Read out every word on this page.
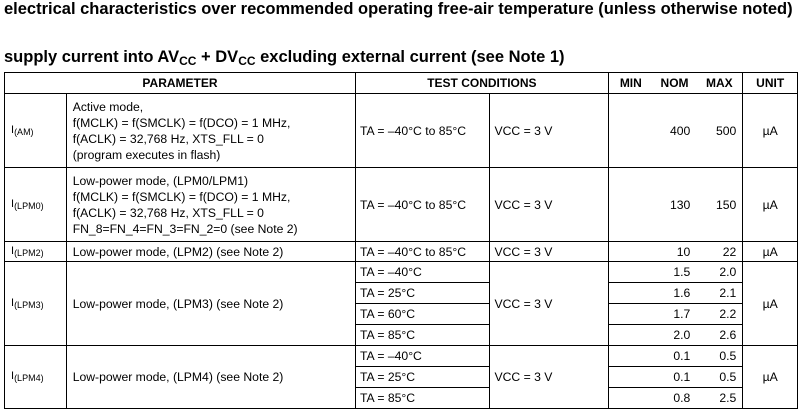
electrical characteristics over recommended operating free-air temperature (unless otherwise noted)
supply current into $AV_{CC} + DV_{CC}$ excluding external current (see Note 1)
PARAMETER		TEST CONDITIONS		MIN	NOM	MAX	UNIT
$I_{(AM)}$	Active mode,
f(MCLK) = f(SMCLK) = f(DCO) = 1 MHz,
f(ACLK) = 32,768 Hz, XTS_FLL = 0
(program executes in flash)	TA = –40°C to 85°C	VCC = 3 V		400	500	µA
$I_{(LPM0)}$	Low-power mode, (LPM0/LPM1)
f(MCLK) = f(SMCLK) = f(DCO) = 1 MHz,
f(ACLK) = 32,768 Hz, XTS_FLL = 0
FN_8=FN_4=FN_3=FN_2=0 (see Note 2)	TA = –40°C to 85°C	VCC = 3 V		130	150	µA
$I_{(LPM2)}$	Low-power mode, (LPM2) (see Note 2)	TA = –40°C to 85°C	VCC = 3 V		10	22	µA
$I_{(LPM3)}$	Low-power mode, (LPM3) (see Note 2)	TA = –40°C	VCC = 3 V		1.5	2.0	µA
		TA = 25°C			1.6	2.1	
		TA = 60°C			1.7	2.2	
		TA = 85°C			2.0	2.6	
$I_{(LPM4)}$	Low-power mode, (LPM4) (see Note 2)	TA = –40°C	VCC = 3 V		0.1	0.5	µA
		TA = 25°C			0.1	0.5	
		TA = 85°C			0.8	2.5	
